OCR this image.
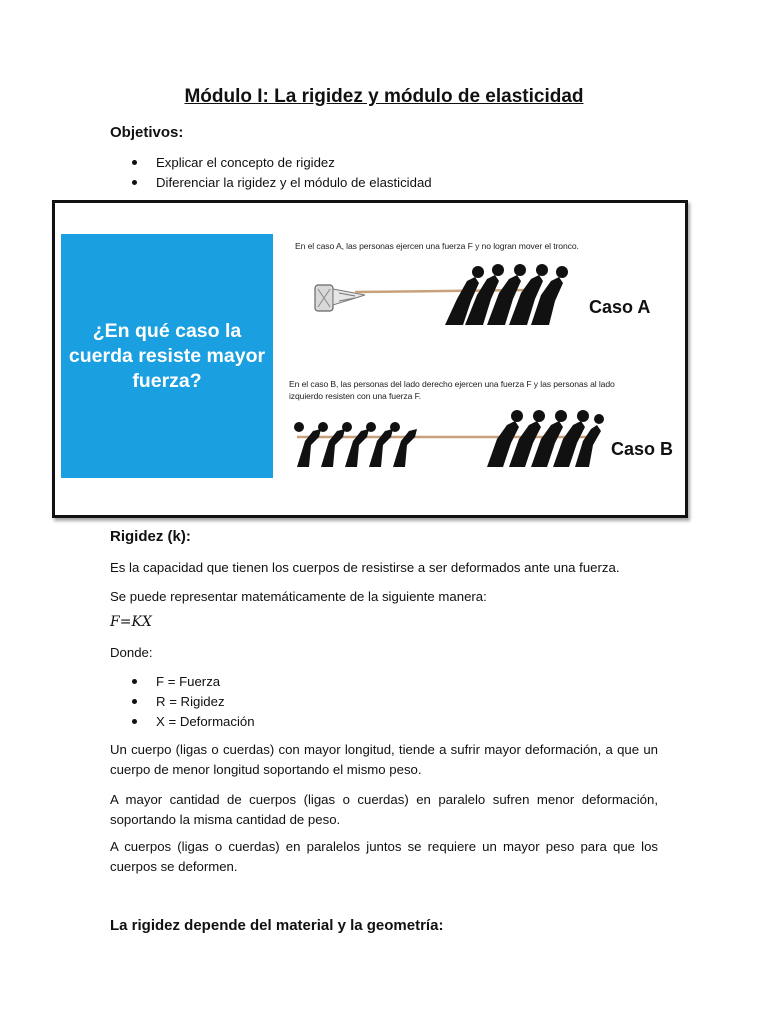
Módulo I: La rigidez y módulo de elasticidad
Objetivos:
Explicar el concepto de rigidez
Diferenciar la rigidez y el módulo de elasticidad
¿En qué caso la cuerda resiste mayor fuerza?

En el caso A, las personas ejercen una fuerza F y no logran mover el tronco.

Caso A

En el caso B, las personas del lado derecho ejercen una fuerza F y las personas al lado

izquierdo resisten con una fuerza F.

Caso B

Rigidez (k):

Es la capacidad que tienen los cuerpos de resistirse a ser deformados ante una fuerza.

Se puede representar matemáticamente de la siguiente manera:

F=KX

Donde:

F = Fuerza
R = Rigidez
X = Deformación

Un cuerpo (ligas o cuerdas) con mayor longitud, tiende a sufrir mayor deformación, a que un cuerpo de menor longitud soportando el mismo peso.

A mayor cantidad de cuerpos (ligas o cuerdas) en paralelo sufren menor deformación, soportando la misma cantidad de peso.

A cuerpos (ligas o cuerdas) en paralelos juntos se requiere un mayor peso para que los cuerpos se deformen.

La rigidez depende del material y la geometría:
